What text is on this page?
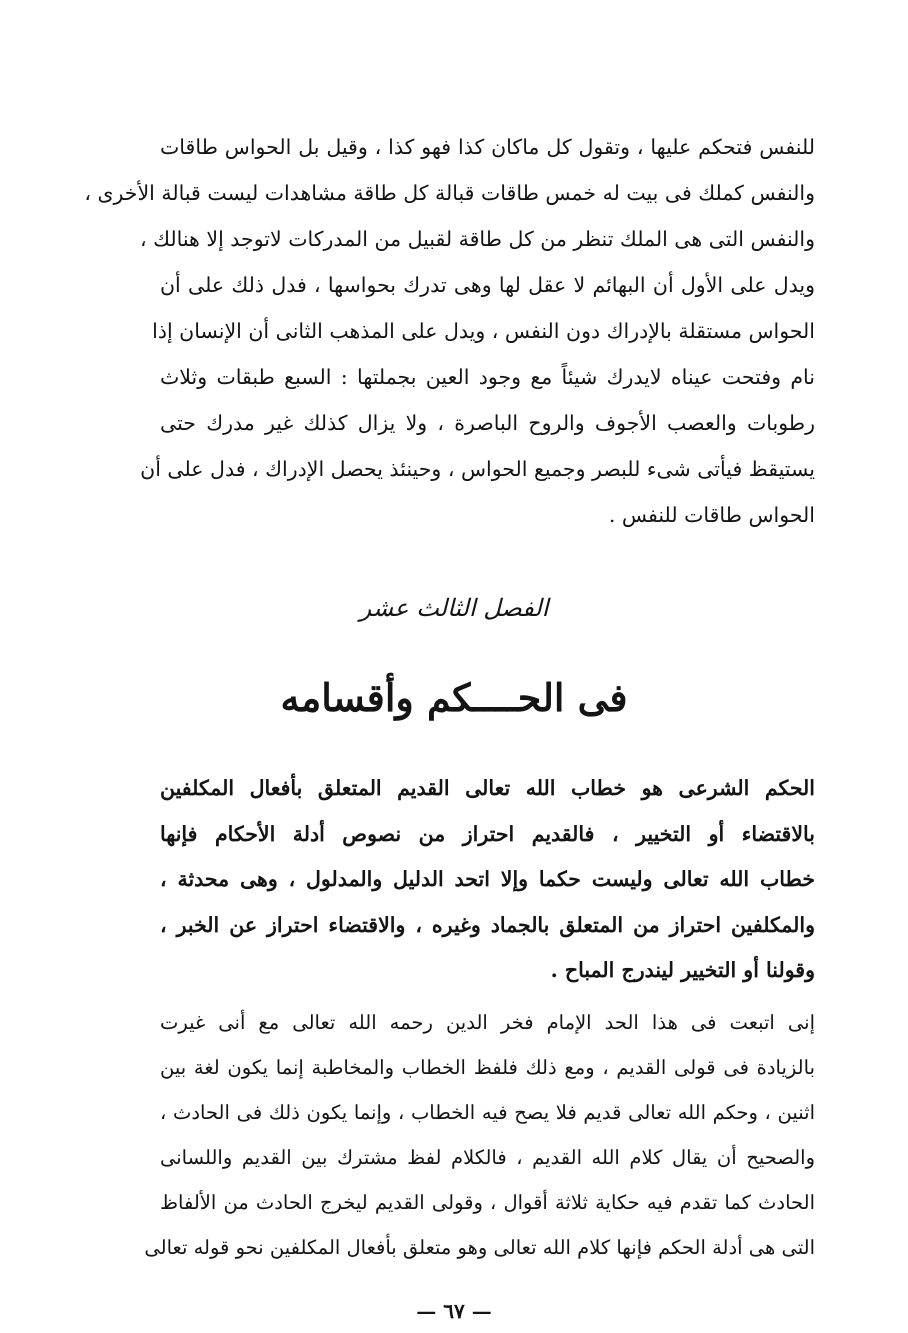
للنفس فتحكم عليها ، وتقول كل ماكان كذا فهو كذا ، وقيل بل الحواس طاقات
والنفس كملك فى بيت له خمس طاقات قبالة كل طاقة مشاهدات ليست قبالة الأخرى ،
والنفس التى هى الملك تنظر من كل طاقة لقبيل من المدركات لاتوجد إلا هنالك ،
ويدل على الأول أن البهائم لا عقل لها وهى تدرك بحواسها ، فدل ذلك على أن
الحواس مستقلة بالإدراك دون النفس ، ويدل على المذهب الثانى أن الإنسان إذا
نام وفتحت عيناه لايدرك شيئاً مع وجود العين بجملتها : السبع طبقات وثلاث
رطوبات والعصب الأجوف والروح الباصرة ، ولا يزال كذلك غير مدرك حتى
يستيقظ فيأتى شىء للبصر وجميع الحواس ، وحينئذ يحصل الإدراك ، فدل على أن
الحواس طاقات للنفس .
الفصل الثالث عشر
فى الحــــكم وأقسامه
الحكم الشرعى هو خطاب الله تعالى القديم المتعلق بأفعال المكلفين
بالاقتضاء أو التخيير ، فالقديم احتراز من نصوص أدلة الأحكام فإنها
خطاب الله تعالى وليست حكما وإلا اتحد الدليل والمدلول ، وهى محدثة ،
والمكلفين احتراز من المتعلق بالجماد وغيره ، والاقتضاء احتراز عن الخبر ،
وقولنا أو التخيير ليندرج المباح .
إنى اتبعت فى هذا الحد الإمام فخر الدين رحمه الله تعالى مع أنى غيرت
بالزيادة فى قولى القديم ، ومع ذلك فلفظ الخطاب والمخاطبة إنما يكون لغة بين
اثنين ، وحكم الله تعالى قديم فلا يصح فيه الخطاب ، وإنما يكون ذلك فى الحادث ،
والصحيح أن يقال كلام الله القديم ، فالكلام لفظ مشترك بين القديم واللسانى
الحادث كما تقدم فيه حكاية ثلاثة أقوال ، وقولى القديم ليخرج الحادث من الألفاظ
التى هى أدلة الحكم فإنها كلام الله تعالى وهو متعلق بأفعال المكلفين نحو قوله تعالى
— ٦٧ —
